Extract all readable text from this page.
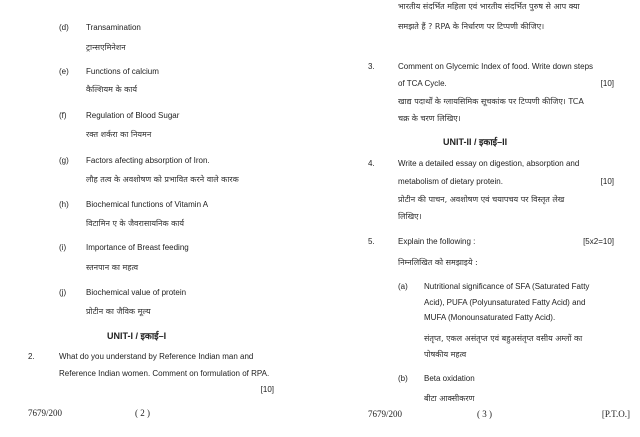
(d) Transamination
ट्रान्सएमिनेशन
(e) Functions of calcium
कैल्शियम के कार्य
(f) Regulation of Blood Sugar
रक्त शर्करा का नियमन
(g) Factors afecting absorption of Iron.
लौह तत्व के अवशोषण को प्रभावित करने वाले कारक
(h) Biochemical functions of Vitamin A
विटामिन ए के जैवरासायनिक कार्य
(i) Importance of Breast feeding
स्तनपान का महत्व
(j) Biochemical value of protein
प्रोटीन का जैविक मूल्य
UNIT-I / इकाई–I
2.	What do you understand by Reference Indian man and
Reference Indian women. Comment on formulation of RPA.
[10]
7679/200	( 2 )
भारतीय संदर्भित महिला एवं भारतीय संदर्भित पुरुष से आप क्या
समझते हैं ? RPA के निर्धारण पर टिप्पणी कीजिए।
3.	Comment on Glycemic Index of food. Write down steps
of TCA Cycle.	[10]
खाद्य पदार्थों के ग्लायसिमिक सूचकांक पर टिप्पणी कीजिए। TCA
चक्र के चरण लिखिए।
UNIT-II / इकाई–II
4.	Write a detailed essay on digestion, absorption and
metabolism of dietary protein.	[10]
प्रोटीन की पाचन, अवशोषण एवं चयापचय पर विस्तृत लेख
लिखिए।
5.	Explain the following :	[5x2=10]
निम्नलिखित को समझाइये :
(a) Nutritional significance of SFA (Saturated Fatty
Acid), PUFA (Polyunsaturated Fatty Acid) and
MUFA (Monounsaturated Fatty Acid).
संतृप्त, एकल असंतृप्त एवं बहुअसंतृप्त वसीय अम्लों का
पोषकीय महत्व
(b) Beta oxidation
बीटा आक्सीकरण
7679/200	( 3 )	[P.T.O.]
